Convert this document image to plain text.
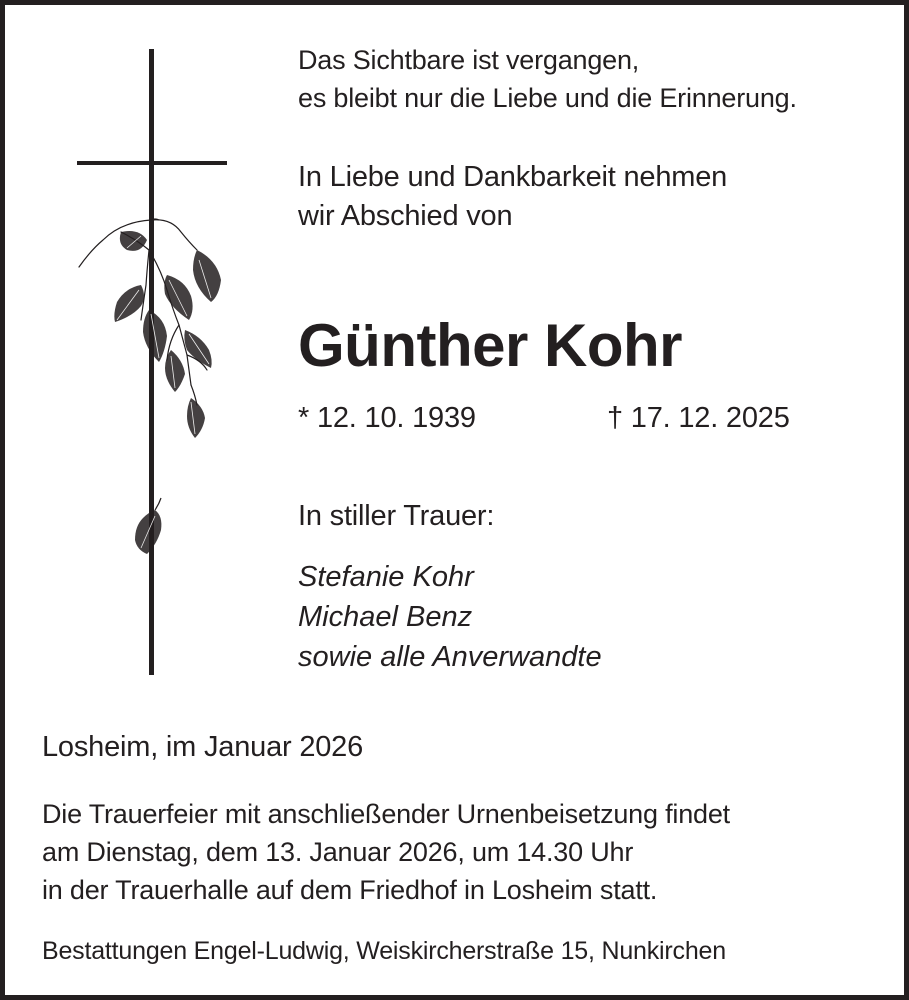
Das Sichtbare ist vergangen,
es bleibt nur die Liebe und die Erinnerung.
In Liebe und Dankbarkeit nehmen
wir Abschied von
Günther Kohr
* 12. 10. 1939	† 17. 12. 2025
In stiller Trauer:
Stefanie Kohr
Michael Benz
sowie alle Anverwandte
Losheim, im Januar 2026
Die Trauerfeier mit anschließender Urnenbeisetzung findet
am Dienstag, dem 13. Januar 2026, um 14.30 Uhr
in der Trauerhalle auf dem Friedhof in Losheim statt.
Bestattungen Engel-Ludwig, Weiskircherstraße 15, Nunkirchen
